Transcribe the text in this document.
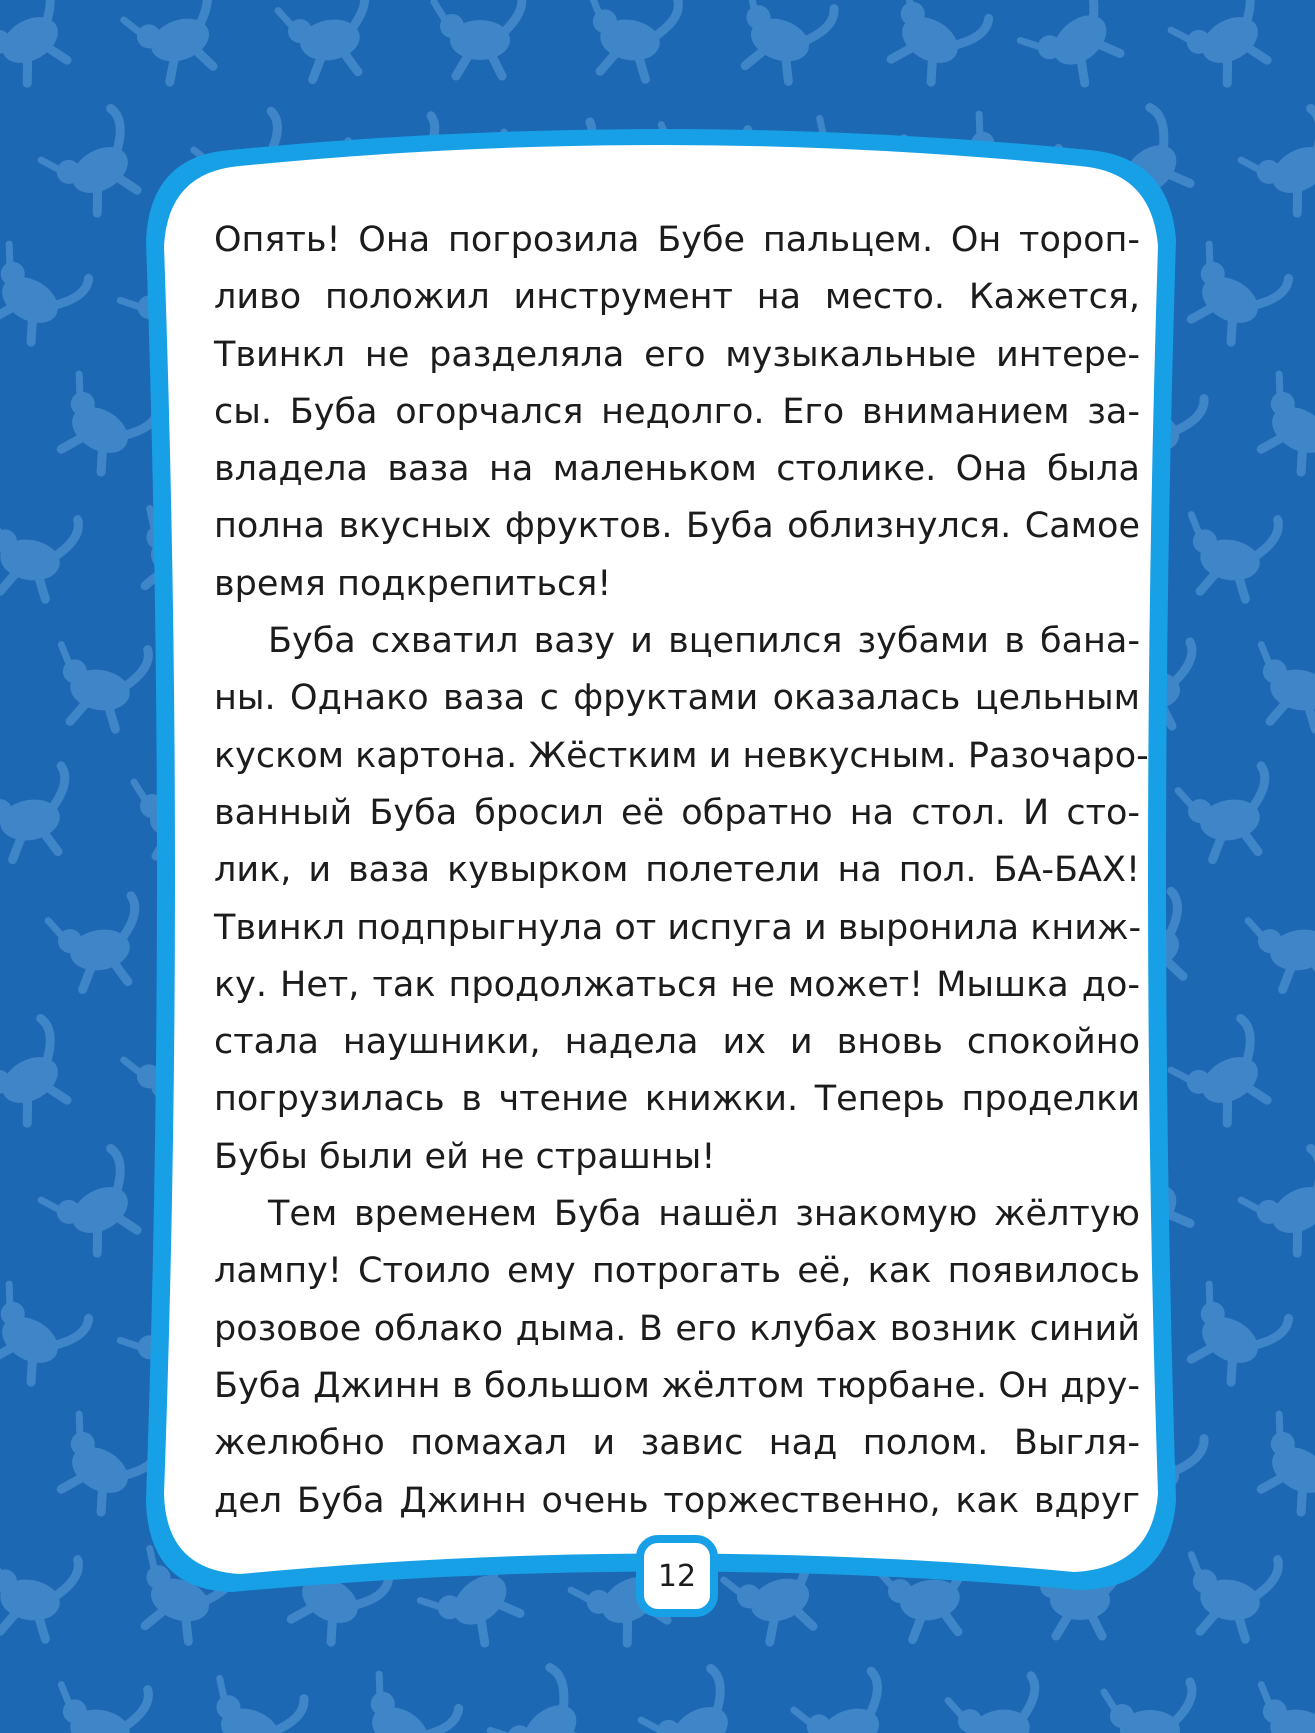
Опять! Она погрозила Бубе пальцем. Он тороп-
ливо положил инструмент на место. Кажется,
Твинкл не разделяла его музыкальные интере-
сы. Буба огорчался недолго. Его вниманием за-
владела ваза на маленьком столике. Она была
полна вкусных фруктов. Буба облизнулся. Самое
время подкрепиться!
Буба схватил вазу и вцепился зубами в бана-
ны. Однако ваза с фруктами оказалась цельным
куском картона. Жёстким и невкусным. Разочаро-
ванный Буба бросил её обратно на стол. И сто-
лик, и ваза кувырком полетели на пол. БА-БАХ!
Твинкл подпрыгнула от испуга и выронила книж-
ку. Нет, так продолжаться не может! Мышка до-
стала наушники, надела их и вновь спокойно
погрузилась в чтение книжки. Теперь проделки
Бубы были ей не страшны!
Тем временем Буба нашёл знакомую жёлтую
лампу! Стоило ему потрогать её, как появилось
розовое облако дыма. В его клубах возник синий
Буба Джинн в большом жёлтом тюрбане. Он дру-
желюбно помахал и завис над полом. Выгля-
дел Буба Джинн очень торжественно, как вдруг
12
